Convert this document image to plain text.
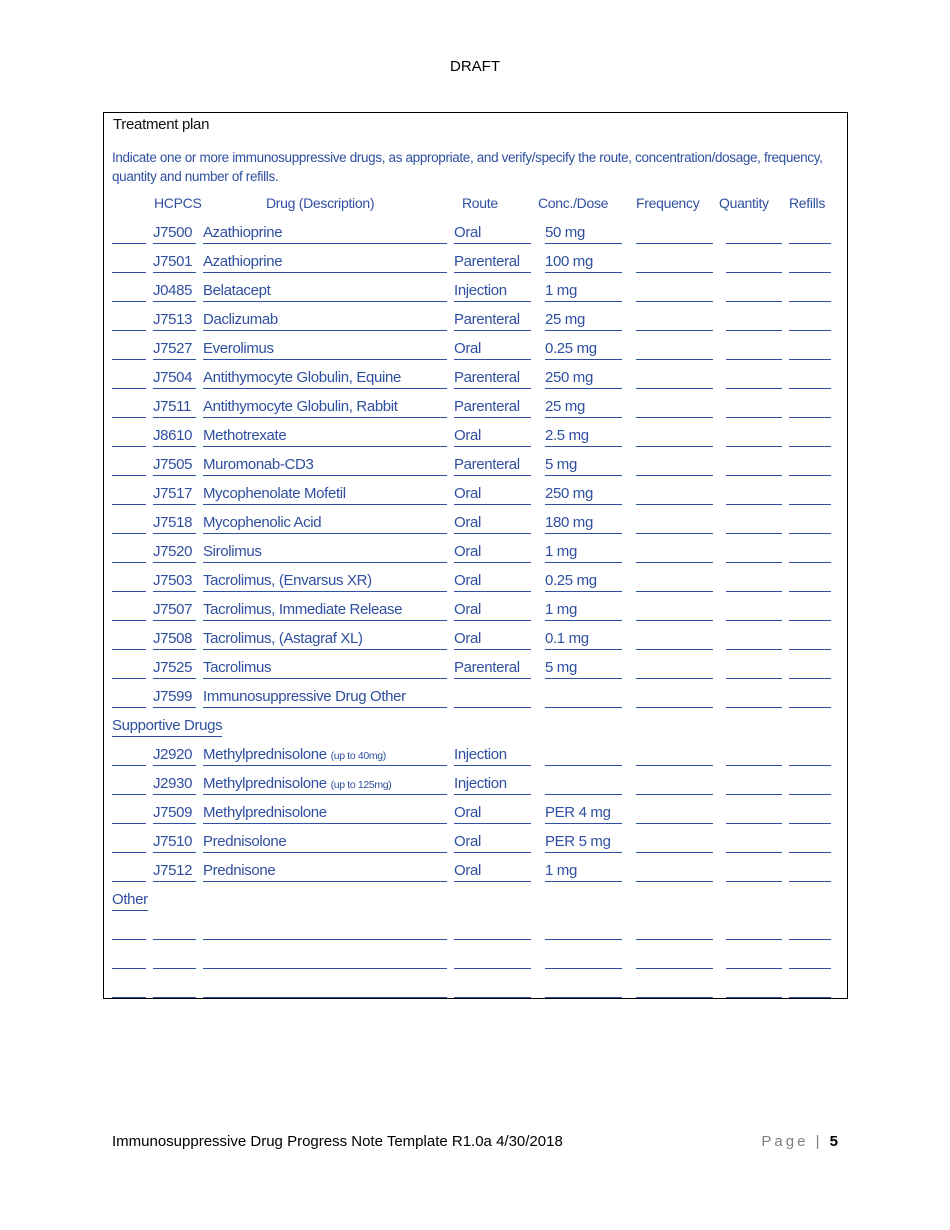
DRAFT
Treatment plan
Indicate one or more immunosuppressive drugs, as appropriate, and verify/specify the route, concentration/dosage, frequency, quantity and number of refills.
HCPCS	Drug (Description)	Route	Conc./Dose Frequency Quantity Refills
J7500 Azathioprine	Oral	50 mg
J7501 Azathioprine	Parenteral	100 mg
J0485 Belatacept	Injection	1 mg
J7513 Daclizumab	Parenteral	25 mg
J7527 Everolimus	Oral	0.25 mg
J7504 Antithymocyte Globulin, Equine	Parenteral	250 mg
J7511 Antithymocyte Globulin, Rabbit	Parenteral	25 mg
J8610 Methotrexate	Oral	2.5 mg
J7505 Muromonab-CD3	Parenteral	5 mg
J7517 Mycophenolate Mofetil	Oral	250 mg
J7518 Mycophenolic Acid	Oral	180 mg
J7520 Sirolimus	Oral	1 mg
J7503 Tacrolimus, (Envarsus XR)	Oral	0.25 mg
J7507 Tacrolimus, Immediate Release	Oral	1 mg
J7508 Tacrolimus, (Astagraf XL)	Oral	0.1 mg
J7525 Tacrolimus	Parenteral	5 mg
J7599 Immunosuppressive Drug Other
Supportive Drugs
J2920 Methylprednisolone (up to 40mg)	Injection
J2930 Methylprednisolone (up to 125mg)	Injection
J7509 Methylprednisolone	Oral	PER 4 mg
J7510 Prednisolone	Oral	PER 5 mg
J7512 Prednisone	Oral	1 mg
Other
Immunosuppressive Drug Progress Note Template R1.0a 4/30/2018	Page | 5
